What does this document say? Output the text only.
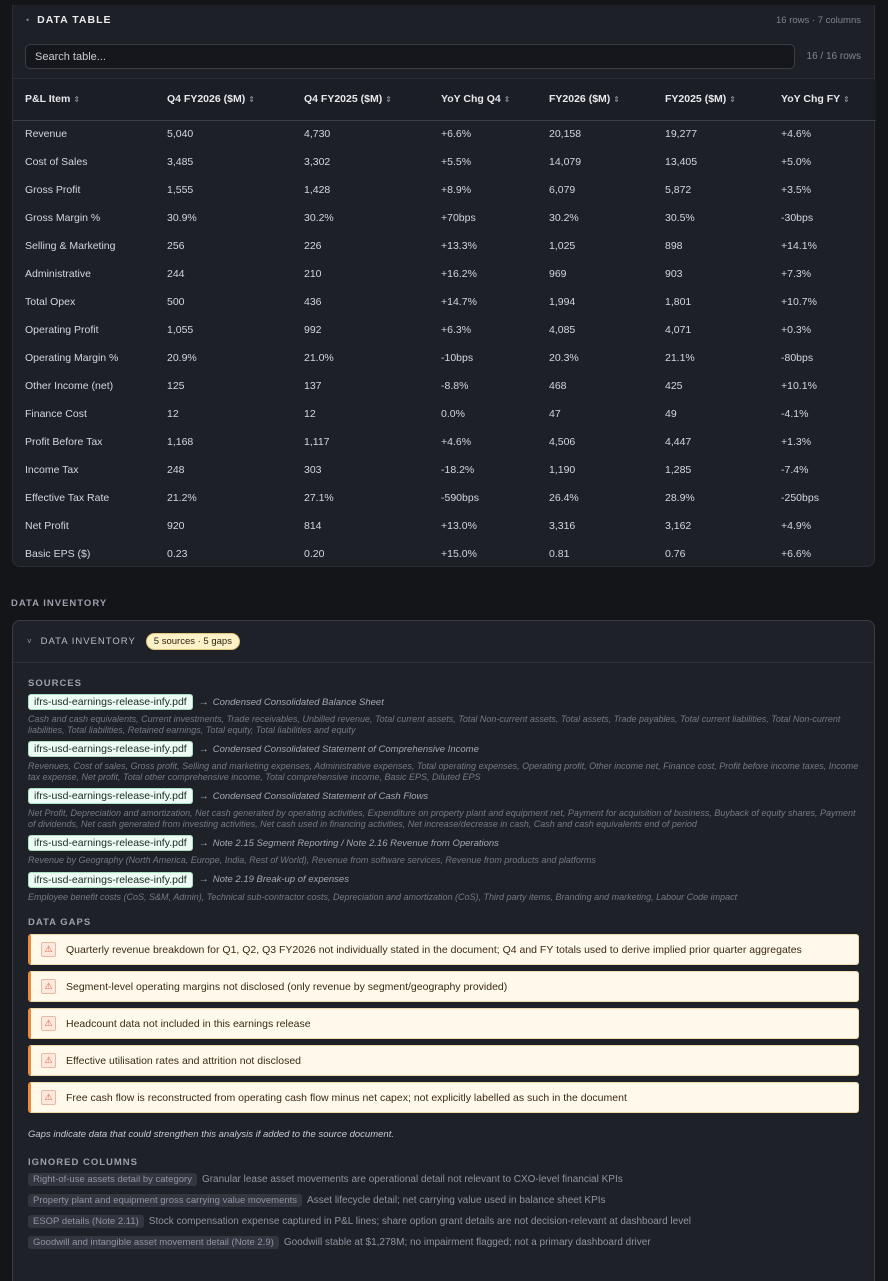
• DATA TABLE	16 rows · 7 columns
Search table...
16 / 16 rows
P&L Item ⇕	Q4 FY2026 ($M) ⇕	Q4 FY2025 ($M) ⇕	YoY Chg Q4 ⇕	FY2026 ($M) ⇕	FY2025 ($M) ⇕	YoY Chg FY ⇕
Revenue	5,040	4,730	+6.6%	20,158	19,277	+4.6%
Cost of Sales	3,485	3,302	+5.5%	14,079	13,405	+5.0%
Gross Profit	1,555	1,428	+8.9%	6,079	5,872	+3.5%
Gross Margin %	30.9%	30.2%	+70bps	30.2%	30.5%	-30bps
Selling & Marketing	256	226	+13.3%	1,025	898	+14.1%
Administrative	244	210	+16.2%	969	903	+7.3%
Total Opex	500	436	+14.7%	1,994	1,801	+10.7%
Operating Profit	1,055	992	+6.3%	4,085	4,071	+0.3%
Operating Margin %	20.9%	21.0%	-10bps	20.3%	21.1%	-80bps
Other Income (net)	125	137	-8.8%	468	425	+10.1%
Finance Cost	12	12	0.0%	47	49	-4.1%
Profit Before Tax	1,168	1,117	+4.6%	4,506	4,447	+1.3%
Income Tax	248	303	-18.2%	1,190	1,285	-7.4%
Effective Tax Rate	21.2%	27.1%	-590bps	26.4%	28.9%	-250bps
Net Profit	920	814	+13.0%	3,316	3,162	+4.9%
Basic EPS ($)	0.23	0.20	+15.0%	0.81	0.76	+6.6%
DATA INVENTORY
˅ DATA INVENTORY	5 sources · 5 gaps
SOURCES
ifrs-usd-earnings-release-infy.pdf	→ Condensed Consolidated Balance Sheet
Cash and cash equivalents, Current investments, Trade receivables, Unbilled revenue, Total current assets, Total Non-current assets, Total assets, Trade payables, Total current liabilities, Total Non-current liabilities, Total liabilities, Retained earnings, Total equity, Total liabilities and equity
ifrs-usd-earnings-release-infy.pdf	→ Condensed Consolidated Statement of Comprehensive Income
Revenues, Cost of sales, Gross profit, Selling and marketing expenses, Administrative expenses, Total operating expenses, Operating profit, Other income net, Finance cost, Profit before income taxes, Income tax expense, Net profit, Total other comprehensive income, Total comprehensive income, Basic EPS, Diluted EPS
ifrs-usd-earnings-release-infy.pdf	→ Condensed Consolidated Statement of Cash Flows
Net Profit, Depreciation and amortization, Net cash generated by operating activities, Expenditure on property plant and equipment net, Payment for acquisition of business, Buyback of equity shares, Payment of dividends, Net cash generated from investing activities, Net cash used in financing activities, Net increase/decrease in cash, Cash and cash equivalents end of period
ifrs-usd-earnings-release-infy.pdf	→ Note 2.15 Segment Reporting / Note 2.16 Revenue from Operations
Revenue by Geography (North America, Europe, India, Rest of World), Revenue from software services, Revenue from products and platforms
ifrs-usd-earnings-release-infy.pdf	→ Note 2.19 Break-up of expenses
Employee benefit costs (CoS, S&M, Admin), Technical sub-contractor costs, Depreciation and amortization (CoS), Third party items, Branding and marketing, Labour Code impact
DATA GAPS
⚠	Quarterly revenue breakdown for Q1, Q2, Q3 FY2026 not individually stated in the document; Q4 and FY totals used to derive implied prior quarter aggregates
⚠	Segment-level operating margins not disclosed (only revenue by segment/geography provided)
⚠	Headcount data not included in this earnings release
⚠	Effective utilisation rates and attrition not disclosed
⚠	Free cash flow is reconstructed from operating cash flow minus net capex; not explicitly labelled as such in the document
Gaps indicate data that could strengthen this analysis if added to the source document.
IGNORED COLUMNS
Right-of-use assets detail by category	Granular lease asset movements are operational detail not relevant to CXO-level financial KPIs
Property plant and equipment gross carrying value movements	Asset lifecycle detail; net carrying value used in balance sheet KPIs
ESOP details (Note 2.11)	Stock compensation expense captured in P&L lines; share option grant details are not decision-relevant at dashboard level
Goodwill and intangible asset movement detail (Note 2.9)	Goodwill stable at $1,278M; no impairment flagged; not a primary dashboard driver
